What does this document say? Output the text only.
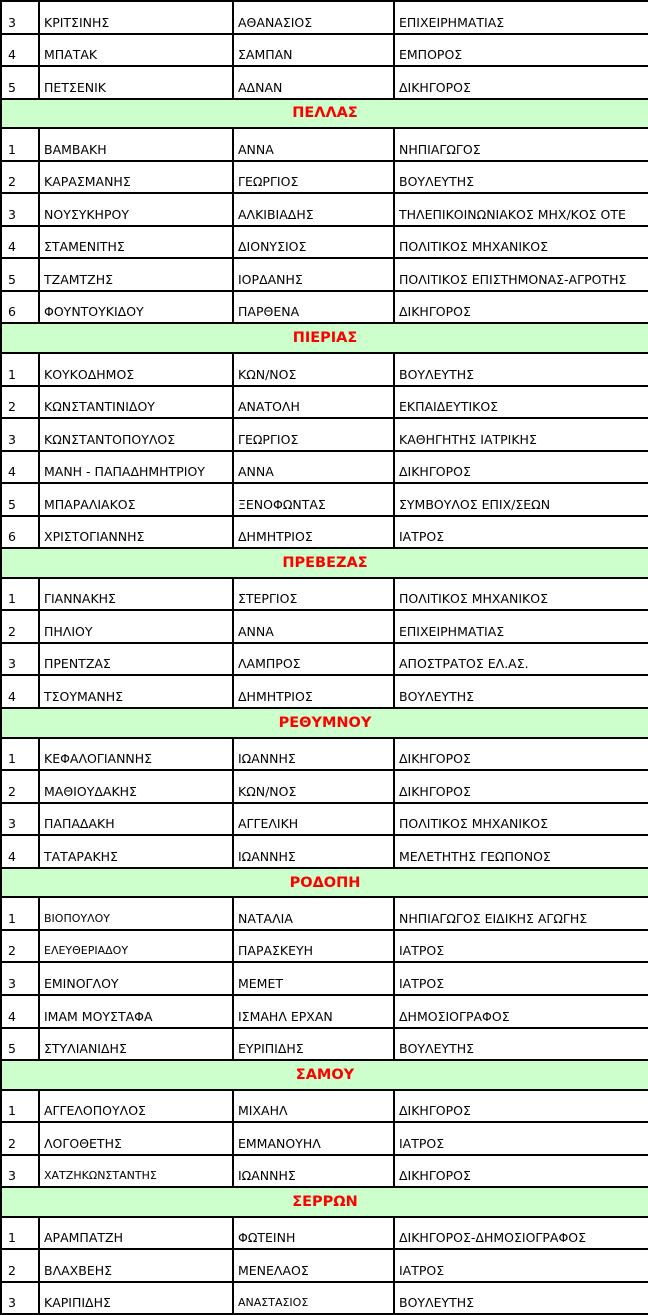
3	ΚΡΙΤΣΙΝΗΣ	ΑΘΑΝΑΣΙΟΣ	ΕΠΙΧΕΙΡΗΜΑΤΙΑΣ
4	ΜΠΑΤΑΚ	ΣΑΜΠΑΝ	ΕΜΠΟΡΟΣ
5	ΠΕΤΣΕΝΙΚ	ΑΔΝΑΝ	ΔΙΚΗΓΟΡΟΣ
ΠΕΛΛΑΣ			
1	ΒΑΜΒΑΚΗ	ΑΝΝΑ	ΝΗΠΙΑΓΩΓΟΣ
2	ΚΑΡΑΣΜΑΝΗΣ	ΓΕΩΡΓΙΟΣ	ΒΟΥΛΕΥΤΗΣ
3	ΝΟΥΣΥΚΗΡΟΥ	ΑΛΚΙΒΙΑΔΗΣ	ΤΗΛΕΠΙΚΟΙΝΩΝΙΑΚΟΣ ΜΗΧ/ΚΟΣ ΟΤΕ
4	ΣΤΑΜΕΝΙΤΗΣ	ΔΙΟΝΥΣΙΟΣ	ΠΟΛΙΤΙΚΟΣ ΜΗΧΑΝΙΚΟΣ
5	ΤΖΑΜΤΖΗΣ	ΙΟΡΔΑΝΗΣ	ΠΟΛΙΤΙΚΟΣ ΕΠΙΣΤΗΜΟΝΑΣ-ΑΓΡΟΤΗΣ
6	ΦΟΥΝΤΟΥΚΙΔΟΥ	ΠΑΡΘΕΝΑ	ΔΙΚΗΓΟΡΟΣ
ΠΙΕΡΙΑΣ			
1	ΚΟΥΚΟΔΗΜΟΣ	ΚΩΝ/ΝΟΣ	ΒΟΥΛΕΥΤΗΣ
2	ΚΩΝΣΤΑΝΤΙΝΙΔΟΥ	ΑΝΑΤΟΛΗ	ΕΚΠΑΙΔΕΥΤΙΚΟΣ
3	ΚΩΝΣΤΑΝΤΟΠΟΥΛΟΣ	ΓΕΩΡΓΙΟΣ	ΚΑΘΗΓΗΤΗΣ ΙΑΤΡΙΚΗΣ
4	ΜΑΝΗ - ΠΑΠΑΔΗΜΗΤΡΙΟΥ	ΑΝΝΑ	ΔΙΚΗΓΟΡΟΣ
5	ΜΠΑΡΑΛΙΑΚΟΣ	ΞΕΝΟΦΩΝΤΑΣ	ΣΥΜΒΟΥΛΟΣ ΕΠΙΧ/ΣΕΩΝ
6	ΧΡΙΣΤΟΓΙΑΝΝΗΣ	ΔΗΜΗΤΡΙΟΣ	ΙΑΤΡΟΣ
ΠΡΕΒΕΖΑΣ			
1	ΓΙΑΝΝΑΚΗΣ	ΣΤΕΡΓΙΟΣ	ΠΟΛΙΤΙΚΟΣ ΜΗΧΑΝΙΚΟΣ
2	ΠΗΛΙΟΥ	ΑΝΝΑ	ΕΠΙΧΕΙΡΗΜΑΤΙΑΣ
3	ΠΡΕΝΤΖΑΣ	ΛΑΜΠΡΟΣ	ΑΠΟΣΤΡΑΤΟΣ ΕΛ.ΑΣ.
4	ΤΣΟΥΜΑΝΗΣ	ΔΗΜΗΤΡΙΟΣ	ΒΟΥΛΕΥΤΗΣ
ΡΕΘΥΜΝΟΥ			
1	ΚΕΦΑΛΟΓΙΑΝΝΗΣ	ΙΩΑΝΝΗΣ	ΔΙΚΗΓΟΡΟΣ
2	ΜΑΘΙΟΥΔΑΚΗΣ	ΚΩΝ/ΝΟΣ	ΔΙΚΗΓΟΡΟΣ
3	ΠΑΠΑΔΑΚΗ	ΑΓΓΕΛΙΚΗ	ΠΟΛΙΤΙΚΟΣ ΜΗΧΑΝΙΚΟΣ
4	ΤΑΤΑΡΑΚΗΣ	ΙΩΑΝΝΗΣ	ΜΕΛΕΤΗΤΗΣ ΓΕΩΠΟΝΟΣ
ΡΟΔΟΠΗ			
1	ΒΙΟΠΟΥΛΟΥ	ΝΑΤΑΛΙΑ	ΝΗΠΙΑΓΩΓΟΣ ΕΙΔΙΚΗΣ ΑΓΩΓΗΣ
2	ΕΛΕΥΘΕΡΙΑΔΟΥ	ΠΑΡΑΣΚΕΥΗ	ΙΑΤΡΟΣ
3	ΕΜΙΝΟΓΛΟΥ	ΜΕΜΕΤ	ΙΑΤΡΟΣ
4	ΙΜΑΜ ΜΟΥΣΤΑΦΑ	ΙΣΜΑΗΛ ΕΡΧΑΝ	ΔΗΜΟΣΙΟΓΡΑΦΟΣ
5	ΣΤΥΛΙΑΝΙΔΗΣ	ΕΥΡΙΠΙΔΗΣ	ΒΟΥΛΕΥΤΗΣ
ΣΑΜΟΥ			
1	ΑΓΓΕΛΟΠΟΥΛΟΣ	ΜΙΧΑΗΛ	ΔΙΚΗΓΟΡΟΣ
2	ΛΟΓΟΘΕΤΗΣ	ΕΜΜΑΝΟΥΗΛ	ΙΑΤΡΟΣ
3	ΧΑΤΖΗΚΩΝΣΤΑΝΤΗΣ	ΙΩΑΝΝΗΣ	ΔΙΚΗΓΟΡΟΣ
ΣΕΡΡΩΝ			
1	ΑΡΑΜΠΑΤΖΗ	ΦΩΤΕΙΝΗ	ΔΙΚΗΓΟΡΟΣ-ΔΗΜΟΣΙΟΓΡΑΦΟΣ
2	ΒΛΑΧΒΕΗΣ	ΜΕΝΕΛΑΟΣ	ΙΑΤΡΟΣ
3	ΚΑΡΙΠΙΔΗΣ	ΑΝΑΣΤΑΣΙΟΣ	ΒΟΥΛΕΥΤΗΣ
